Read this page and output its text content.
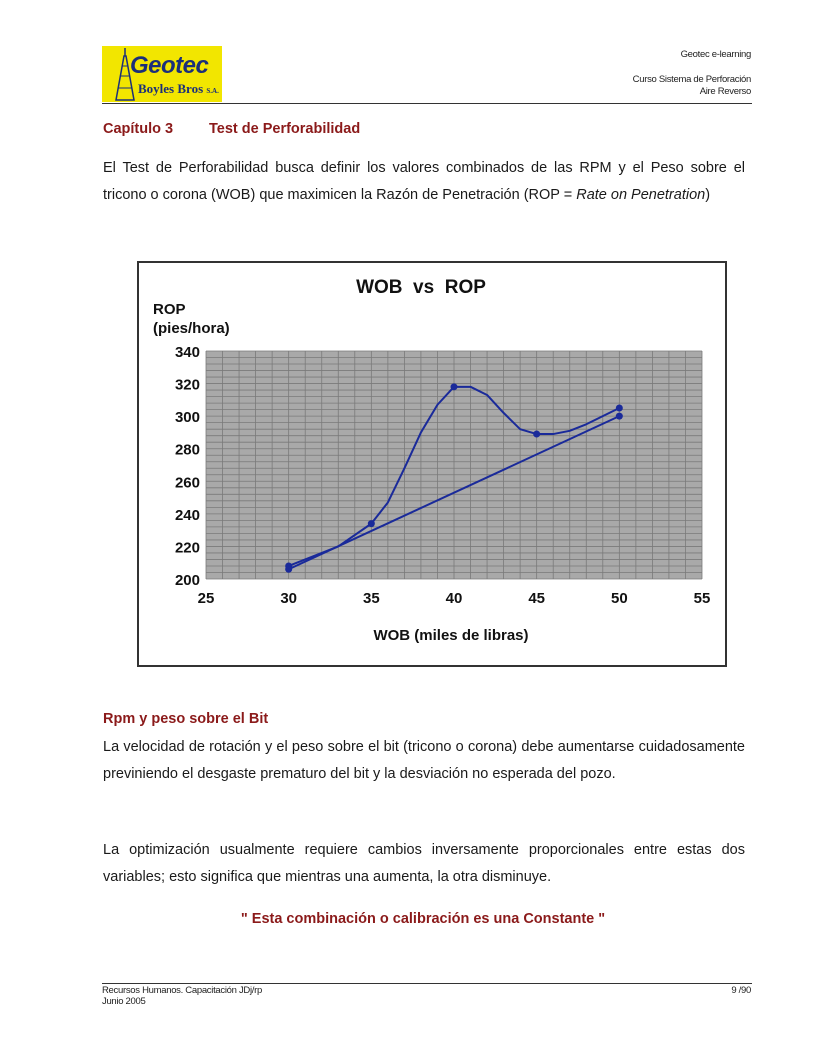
Geotec
Boyles Bros S.A.
Geotec e-learning
Curso Sistema de Perforación
Aire Reverso
Capítulo 3 Test de Perforabilidad
El Test de Perforabilidad busca definir los valores combinados de las RPM y el Peso sobre el tricono o corona (WOB) que maximicen la Razón de Penetración (ROP = Rate on Penetration)
WOB  vs  ROP
ROP
(pies/hora)
WOB (miles de libras)
200
220
240
260
280
300
320
340
25	30	35	40	45	50	55
Rpm y peso sobre el Bit
La velocidad de rotación y el peso sobre el bit (tricono o corona) debe aumentarse cuidadosamente previniendo el desgaste prematuro del bit y la desviación no esperada del pozo.
La optimización usualmente requiere cambios inversamente proporcionales entre estas dos variables; esto significa que mientras una aumenta, la otra disminuye.
" Esta combinación o calibración es una Constante "
Recursos Humanos. Capacitación JDj/rp
Junio 2005
9 /90
